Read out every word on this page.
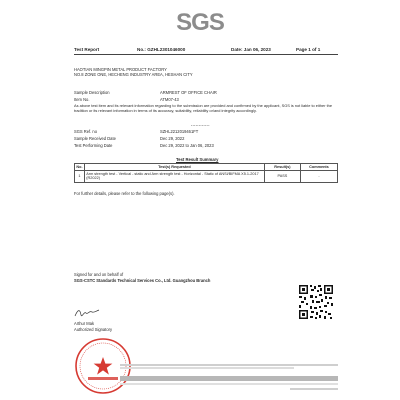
SGS
Test Report	No.: GZHL2301046000	Date: Jan 06, 2023	Page 1 of 1
HAOTIAN MINGPIN METAL PRODUCT FACTORY
NO.8 ZONE ONE, HECHENG INDUSTRY AREA, HESHAN CITY
Sample Description	ARMREST OF OFFICE CHAIR
Item No.	ATM07-43
As above test item and its relevant information regarding to the submission are provided and confirmed by the applicant, SGS is not liable to either the tradition or its relevant information in terms of its accuracy, suitability, reliability or/and integrity accordingly.
************
SGS Ref. no	SZHL2212019461FT
Sample Received Date	Dec 29, 2022
Test Performing Date	Dec 29, 2022 to Jan 06, 2023
Test Result Summary
No.	Test(s) Requested	Result(s)	Comments
1	Arm strength test - Vertical - static and Arm strength test - Horizontal - Static of ANSI/BIFMA X5.1-2017 (R2022)	PASS	-
For further details, please refer to the following page(s).
Signed for and on behalf of
SGS-CSTC Standards Technical Services Co., Ltd. Guangzhou Branch
Arthur Mak
Authorized Signatory
